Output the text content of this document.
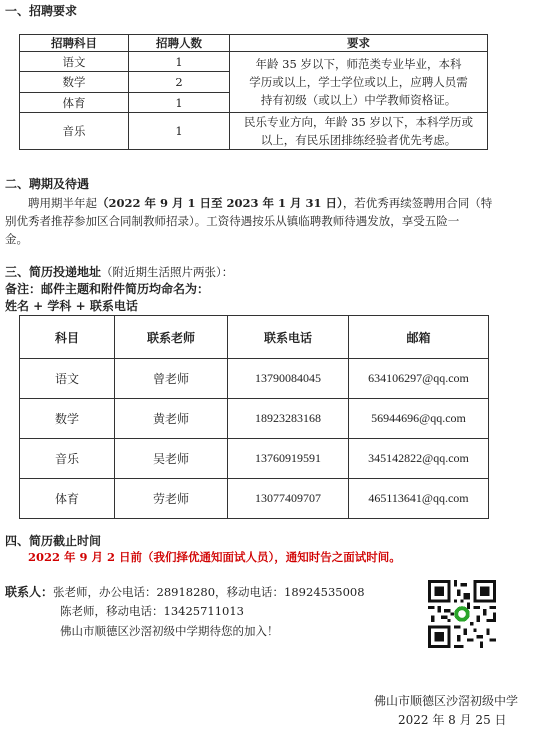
一、招聘要求
招聘科目	招聘人数	要求
语文	1	年龄 35 岁以下，师范类专业毕业，本科
学历或以上，学士学位或以上，应聘人员需
持有初级（或以上）中学教师资格证。

数学	2	
体育	1	
音乐	1	民乐专业方向，年龄 35 岁以下，本科学历或
以上，有民乐团排练经验者优先考虑。
二、聘期及待遇
聘用期半年起（2022 年 9 月 1 日至 2023 年 1 月 31 日），若优秀再续签聘用合同（特
别优秀者推荐参加区合同制教师招录）。工资待遇按乐从镇临聘教师待遇发放，享受五险一
金。
三、简历投递地址（附近期生活照片两张）：
备注：邮件主题和附件简历均命名为：
姓名 + 学科 + 联系电话
科目	联系老师	联系电话	邮箱
语文	曾老师	13790084045	634106297@qq.com
数学	黄老师	18923283168	56944696@qq.com
音乐	吴老师	13760919591	345142822@qq.com
体育	劳老师	13077409707	465113641@qq.com
四、简历截止时间
2022 年 9 月 2 日前（我们择优通知面试人员），通知时告之面试时间。
联系人：张老师，办公电话：28918280，移动电话：18924535008
陈老师，移动电话：13425711013
佛山市顺德区沙滘初级中学期待您的加入！
佛山市顺德区沙滘初级中学
2022 年 8 月 25 日
